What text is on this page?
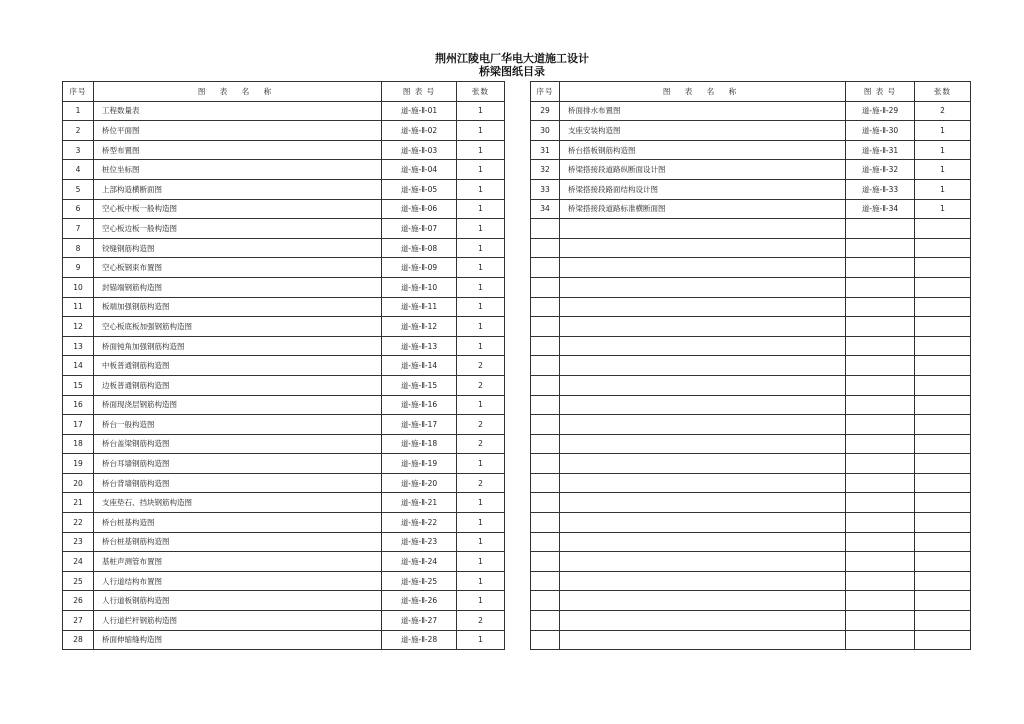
荆州江陵电厂华电大道施工设计
桥梁图纸目录
序号	图 表 名 称	图 表 号	张数
1	工程数量表	道-施-Ⅱ-01	1
2	桥位平面图	道-施-Ⅱ-02	1
3	桥型布置图	道-施-Ⅱ-03	1
4	桩位坐标图	道-施-Ⅱ-04	1
5	上部构造横断面图	道-施-Ⅱ-05	1
6	空心板中板一般构造图	道-施-Ⅱ-06	1
7	空心板边板一般构造图	道-施-Ⅱ-07	1
8	铰缝钢筋构造图	道-施-Ⅱ-08	1
9	空心板钢束布置图	道-施-Ⅱ-09	1
10	封锚端钢筋构造图	道-施-Ⅱ-10	1
11	板端加强钢筋构造图	道-施-Ⅱ-11	1
12	空心板底板加强钢筋构造图	道-施-Ⅱ-12	1
13	桥面钝角加强钢筋构造图	道-施-Ⅱ-13	1
14	中板普通钢筋构造图	道-施-Ⅱ-14	2
15	边板普通钢筋构造图	道-施-Ⅱ-15	2
16	桥面现浇层钢筋构造图	道-施-Ⅱ-16	1
17	桥台一般构造图	道-施-Ⅱ-17	2
18	桥台盖梁钢筋构造图	道-施-Ⅱ-18	2
19	桥台耳墙钢筋构造图	道-施-Ⅱ-19	1
20	桥台背墙钢筋构造图	道-施-Ⅱ-20	2
21	支座垫石、挡块钢筋构造图	道-施-Ⅱ-21	1
22	桥台桩基构造图	道-施-Ⅱ-22	1
23	桥台桩基钢筋构造图	道-施-Ⅱ-23	1
24	基桩声测管布置图	道-施-Ⅱ-24	1
25	人行道结构布置图	道-施-Ⅱ-25	1
26	人行道板钢筋构造图	道-施-Ⅱ-26	1
27	人行道栏杆钢筋构造图	道-施-Ⅱ-27	2
28	桥面伸缩缝构造图	道-施-Ⅱ-28	1
序号	图 表 名 称	图 表 号	张数
29	桥面排水布置图	道-施-Ⅱ-29	2
30	支座安装构造图	道-施-Ⅱ-30	1
31	桥台搭板钢筋构造图	道-施-Ⅱ-31	1
32	桥梁搭接段道路纵断面设计图	道-施-Ⅱ-32	1
33	桥梁搭接段路面结构设计图	道-施-Ⅱ-33	1
34	桥梁搭接段道路标准横断面图	道-施-Ⅱ-34	1
